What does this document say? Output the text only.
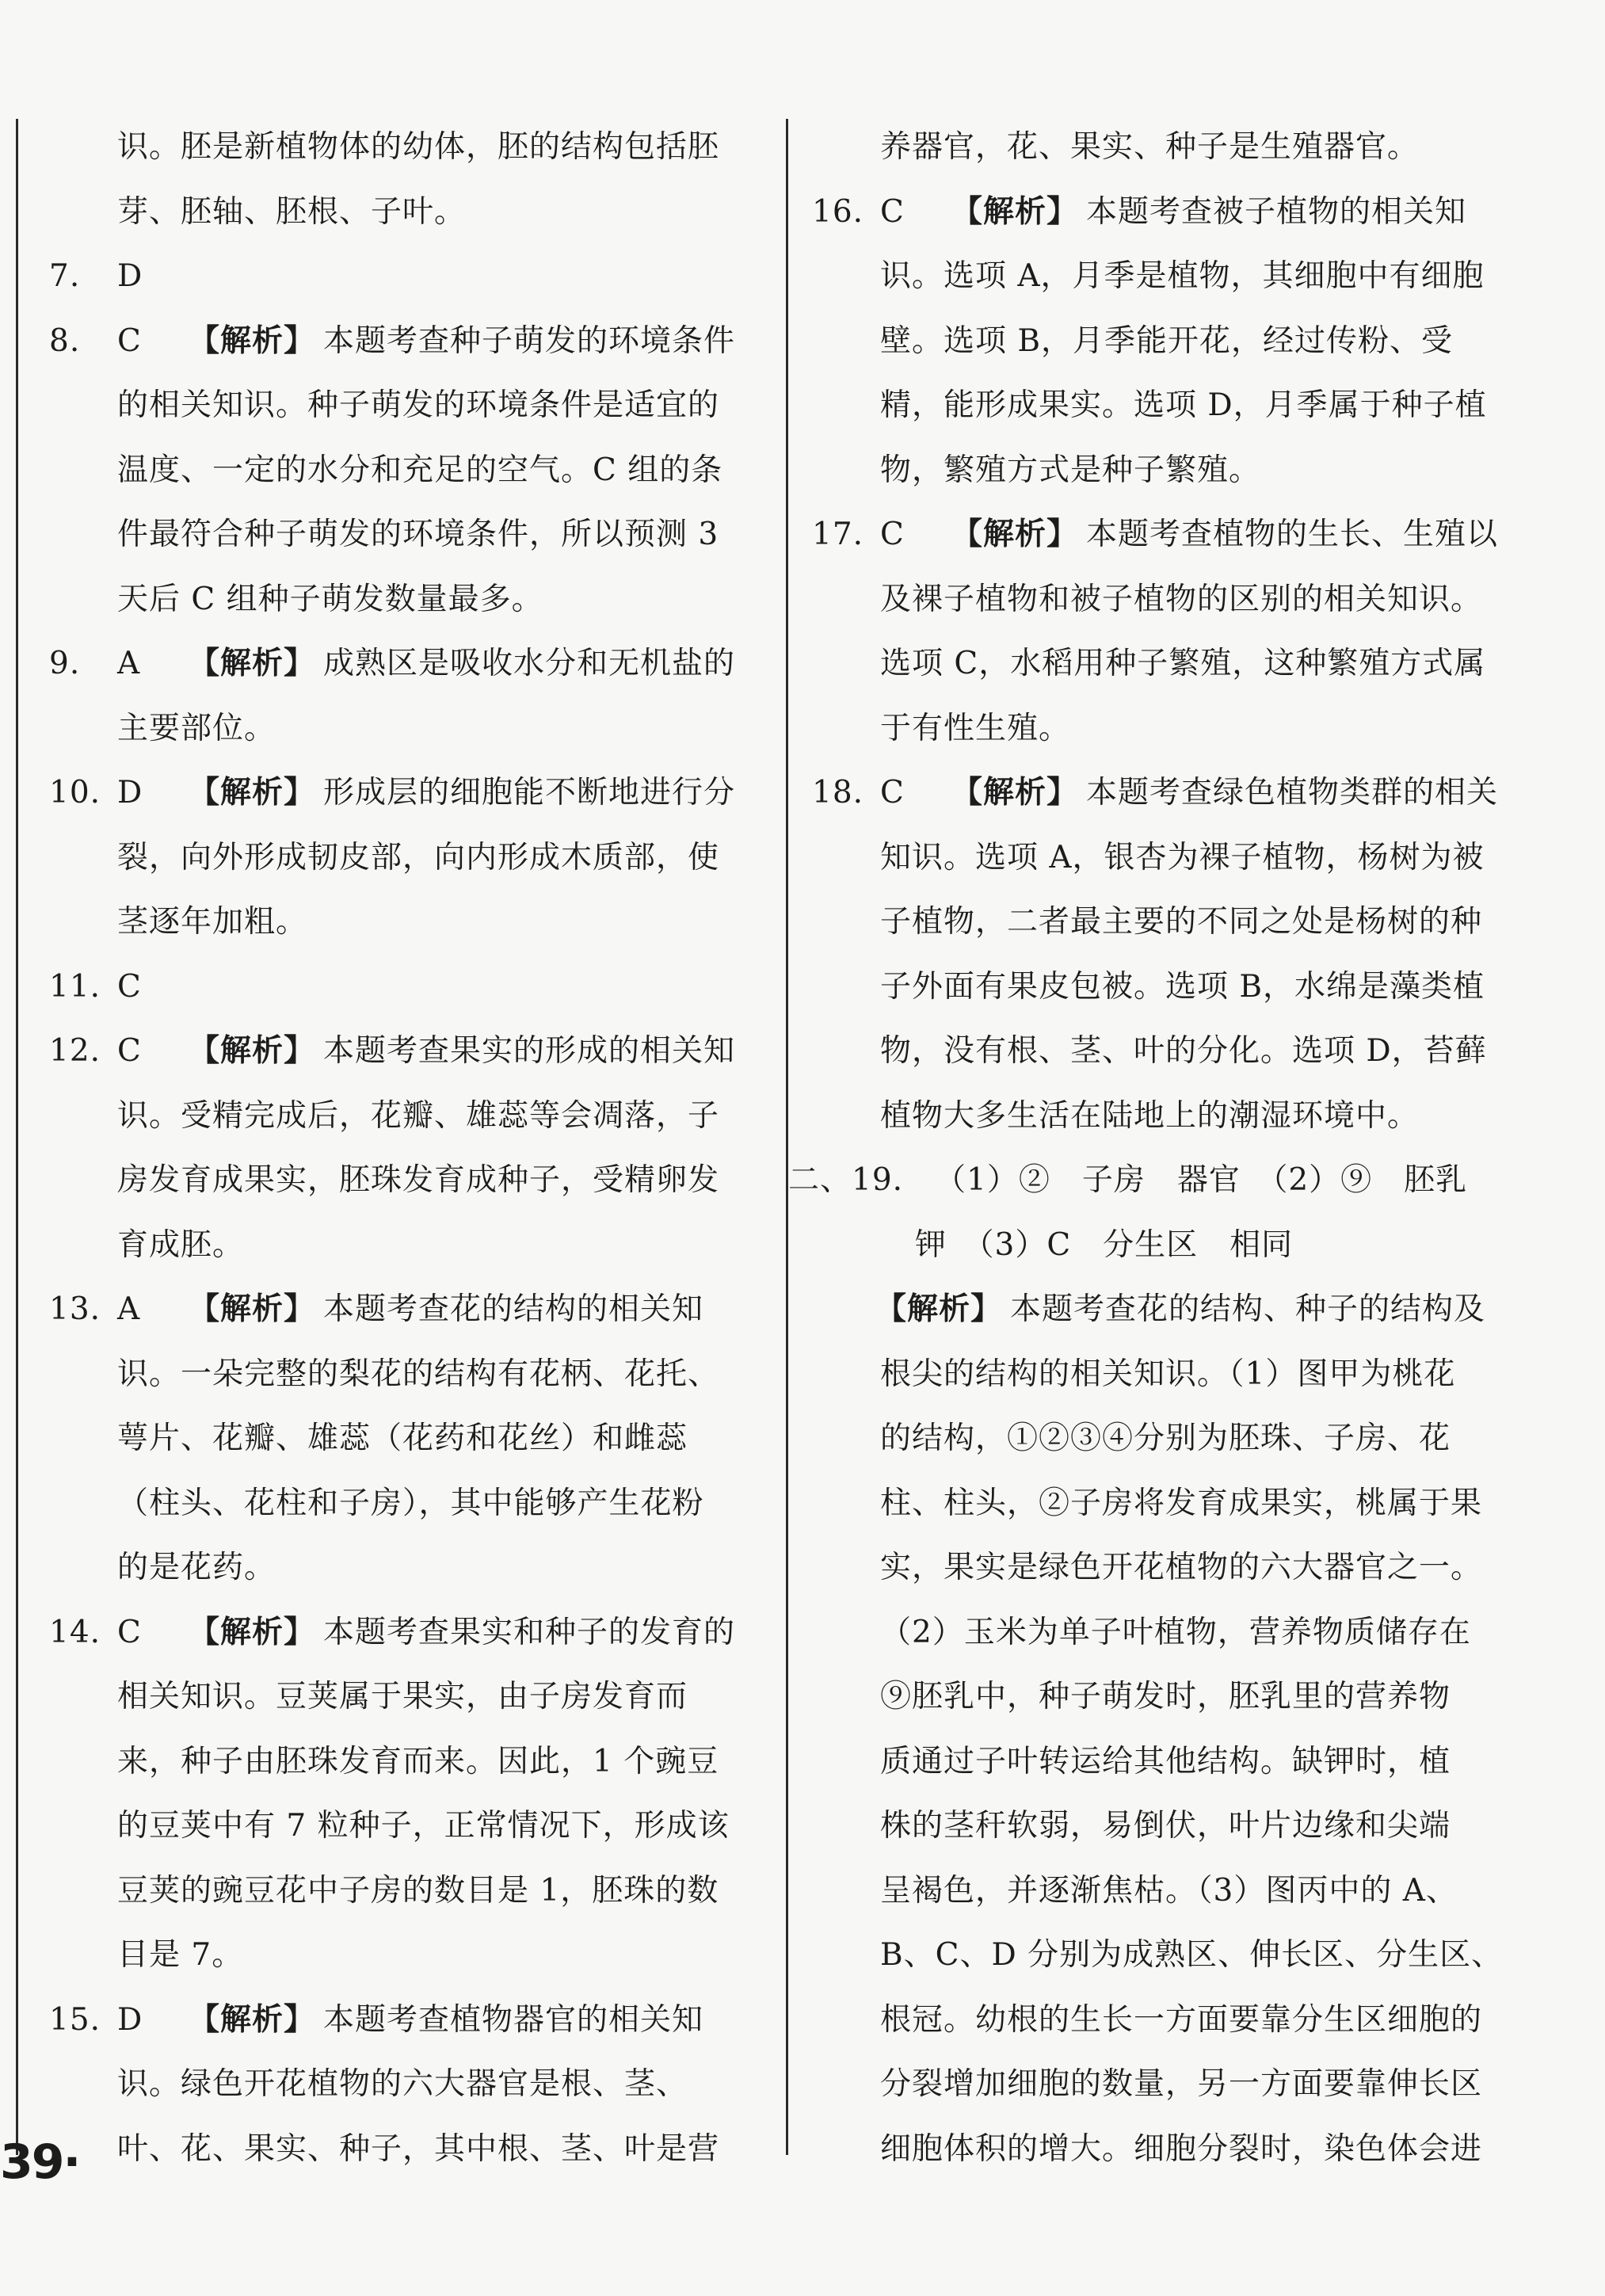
识。胚是新植物体的幼体，胚的结构包括胚
芽、胚轴、胚根、子叶。
7. D
8. C 【解析】 本题考查种子萌发的环境条件
的相关知识。种子萌发的环境条件是适宜的
温度、一定的水分和充足的空气。C 组的条
件最符合种子萌发的环境条件，所以预测 3
天后 C 组种子萌发数量最多。
9. A 【解析】 成熟区是吸收水分和无机盐的
主要部位。
10. D 【解析】 形成层的细胞能不断地进行分
裂，向外形成韧皮部，向内形成木质部，使
茎逐年加粗。
11. C
12. C 【解析】 本题考查果实的形成的相关知
识。受精完成后，花瓣、雄蕊等会凋落，子
房发育成果实，胚珠发育成种子，受精卵发
育成胚。
13. A 【解析】 本题考查花的结构的相关知
识。一朵完整的梨花的结构有花柄、花托、
萼片、花瓣、雄蕊（花药和花丝）和雌蕊
（柱头、花柱和子房），其中能够产生花粉
的是花药。
14. C 【解析】 本题考查果实和种子的发育的
相关知识。豆荚属于果实，由子房发育而
来，种子由胚珠发育而来。因此，1 个豌豆
的豆荚中有 7 粒种子，正常情况下，形成该
豆荚的豌豆花中子房的数目是 1，胚珠的数
目是 7。
15. D 【解析】 本题考查植物器官的相关知
识。绿色开花植物的六大器官是根、茎、
叶、花、果实、种子，其中根、茎、叶是营
养器官，花、果实、种子是生殖器官。
16. C 【解析】 本题考查被子植物的相关知
识。选项 A，月季是植物，其细胞中有细胞
壁。选项 B，月季能开花，经过传粉、受
精，能形成果实。选项 D，月季属于种子植
物，繁殖方式是种子繁殖。
17. C 【解析】 本题考查植物的生长、生殖以
及裸子植物和被子植物的区别的相关知识。
选项 C，水稻用种子繁殖，这种繁殖方式属
于有性生殖。
18. C 【解析】 本题考查绿色植物类群的相关
知识。选项 A，银杏为裸子植物，杨树为被
子植物，二者最主要的不同之处是杨树的种
子外面有果皮包被。选项 B，水绵是藻类植
物，没有根、茎、叶的分化。选项 D，苔藓
植物大多生活在陆地上的潮湿环境中。
二、19. （1）②　子房　器官　（2）⑨　胚乳
钾　（3）C　分生区　相同
【解析】 本题考查花的结构、种子的结构及
根尖的结构的相关知识。（1）图甲为桃花
的结构，①②③④分别为胚珠、子房、花
柱、柱头，②子房将发育成果实，桃属于果
实，果实是绿色开花植物的六大器官之一。
（2）玉米为单子叶植物，营养物质储存在
⑨胚乳中，种子萌发时，胚乳里的营养物
质通过子叶转运给其他结构。缺钾时，植
株的茎秆软弱，易倒伏，叶片边缘和尖端
呈褐色，并逐渐焦枯。（3）图丙中的 A、
B、C、D 分别为成熟区、伸长区、分生区、
根冠。幼根的生长一方面要靠分生区细胞的
分裂增加细胞的数量，另一方面要靠伸长区
细胞体积的增大。细胞分裂时，染色体会进
39·
